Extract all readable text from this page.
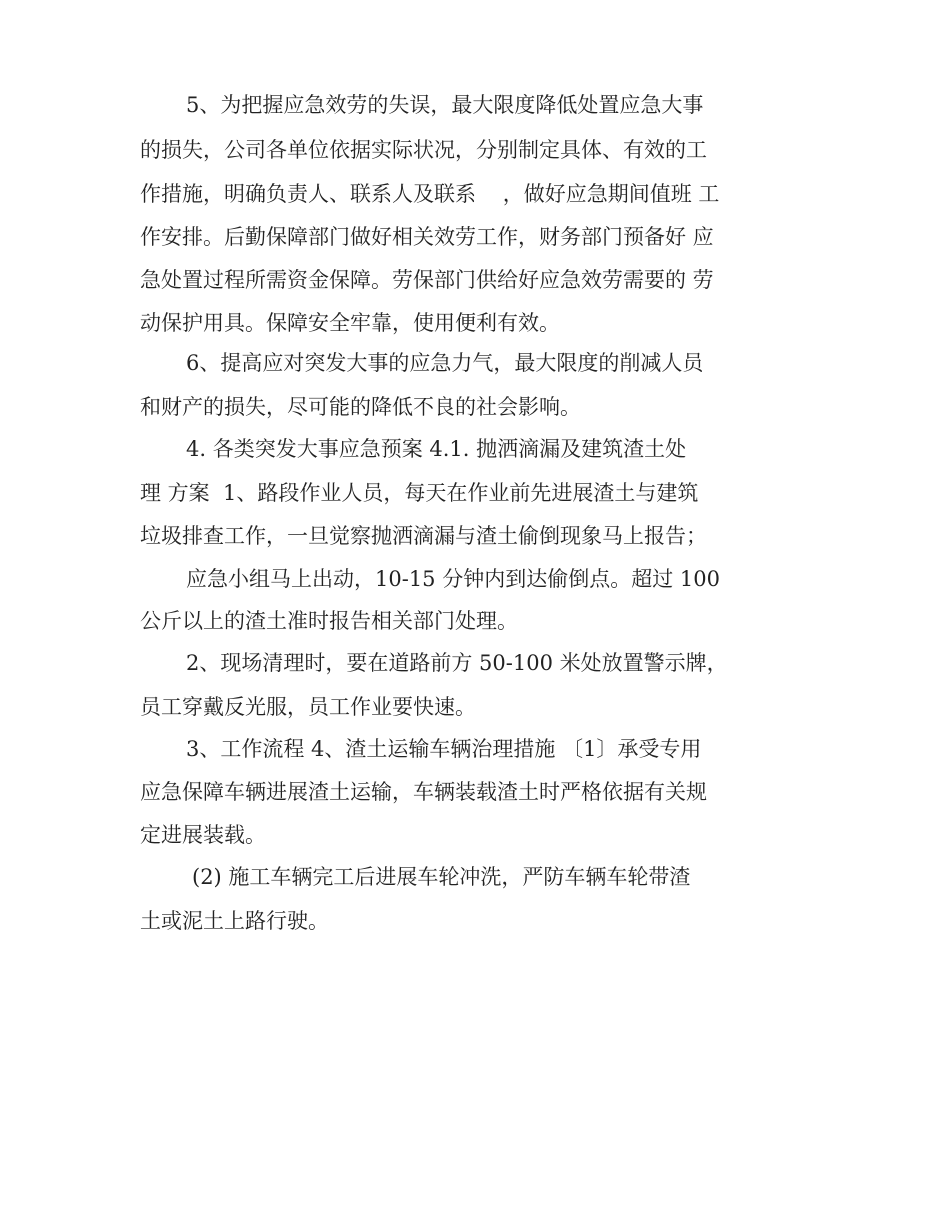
5、为把握应急效劳的失误，最大限度降低处置应急大事
的损失，公司各单位依据实际状况，分别制定具体、有效的工
作措施，明确负责人、联系人及联系    ，做好应急期间值班 工
作安排。后勤保障部门做好相关效劳工作，财务部门预备好 应
急处置过程所需资金保障。劳保部门供给好应急效劳需要的 劳
动保护用具。保障安全牢靠，使用便利有效。
6、提高应对突发大事的应急力气，最大限度的削减人员
和财产的损失，尽可能的降低不良的社会影响。
4. 各类突发大事应急预案 4.1. 抛洒滴漏及建筑渣土处
理 方案  1、路段作业人员，每天在作业前先进展渣土与建筑
垃圾排查工作，一旦觉察抛洒滴漏与渣土偷倒现象马上报告；
应急小组马上出动，10-15 分钟内到达偷倒点。超过 100
公斤以上的渣土准时报告相关部门处理。
2、现场清理时，要在道路前方 50-100 米处放置警示牌，
员工穿戴反光服，员工作业要快速。
3、工作流程 4、渣土运输车辆治理措施 〔1〕承受专用
应急保障车辆进展渣土运输，车辆装载渣土时严格依据有关规
定进展装载。
(2) 施工车辆完工后进展车轮冲洗，严防车辆车轮带渣
土或泥土上路行驶。
